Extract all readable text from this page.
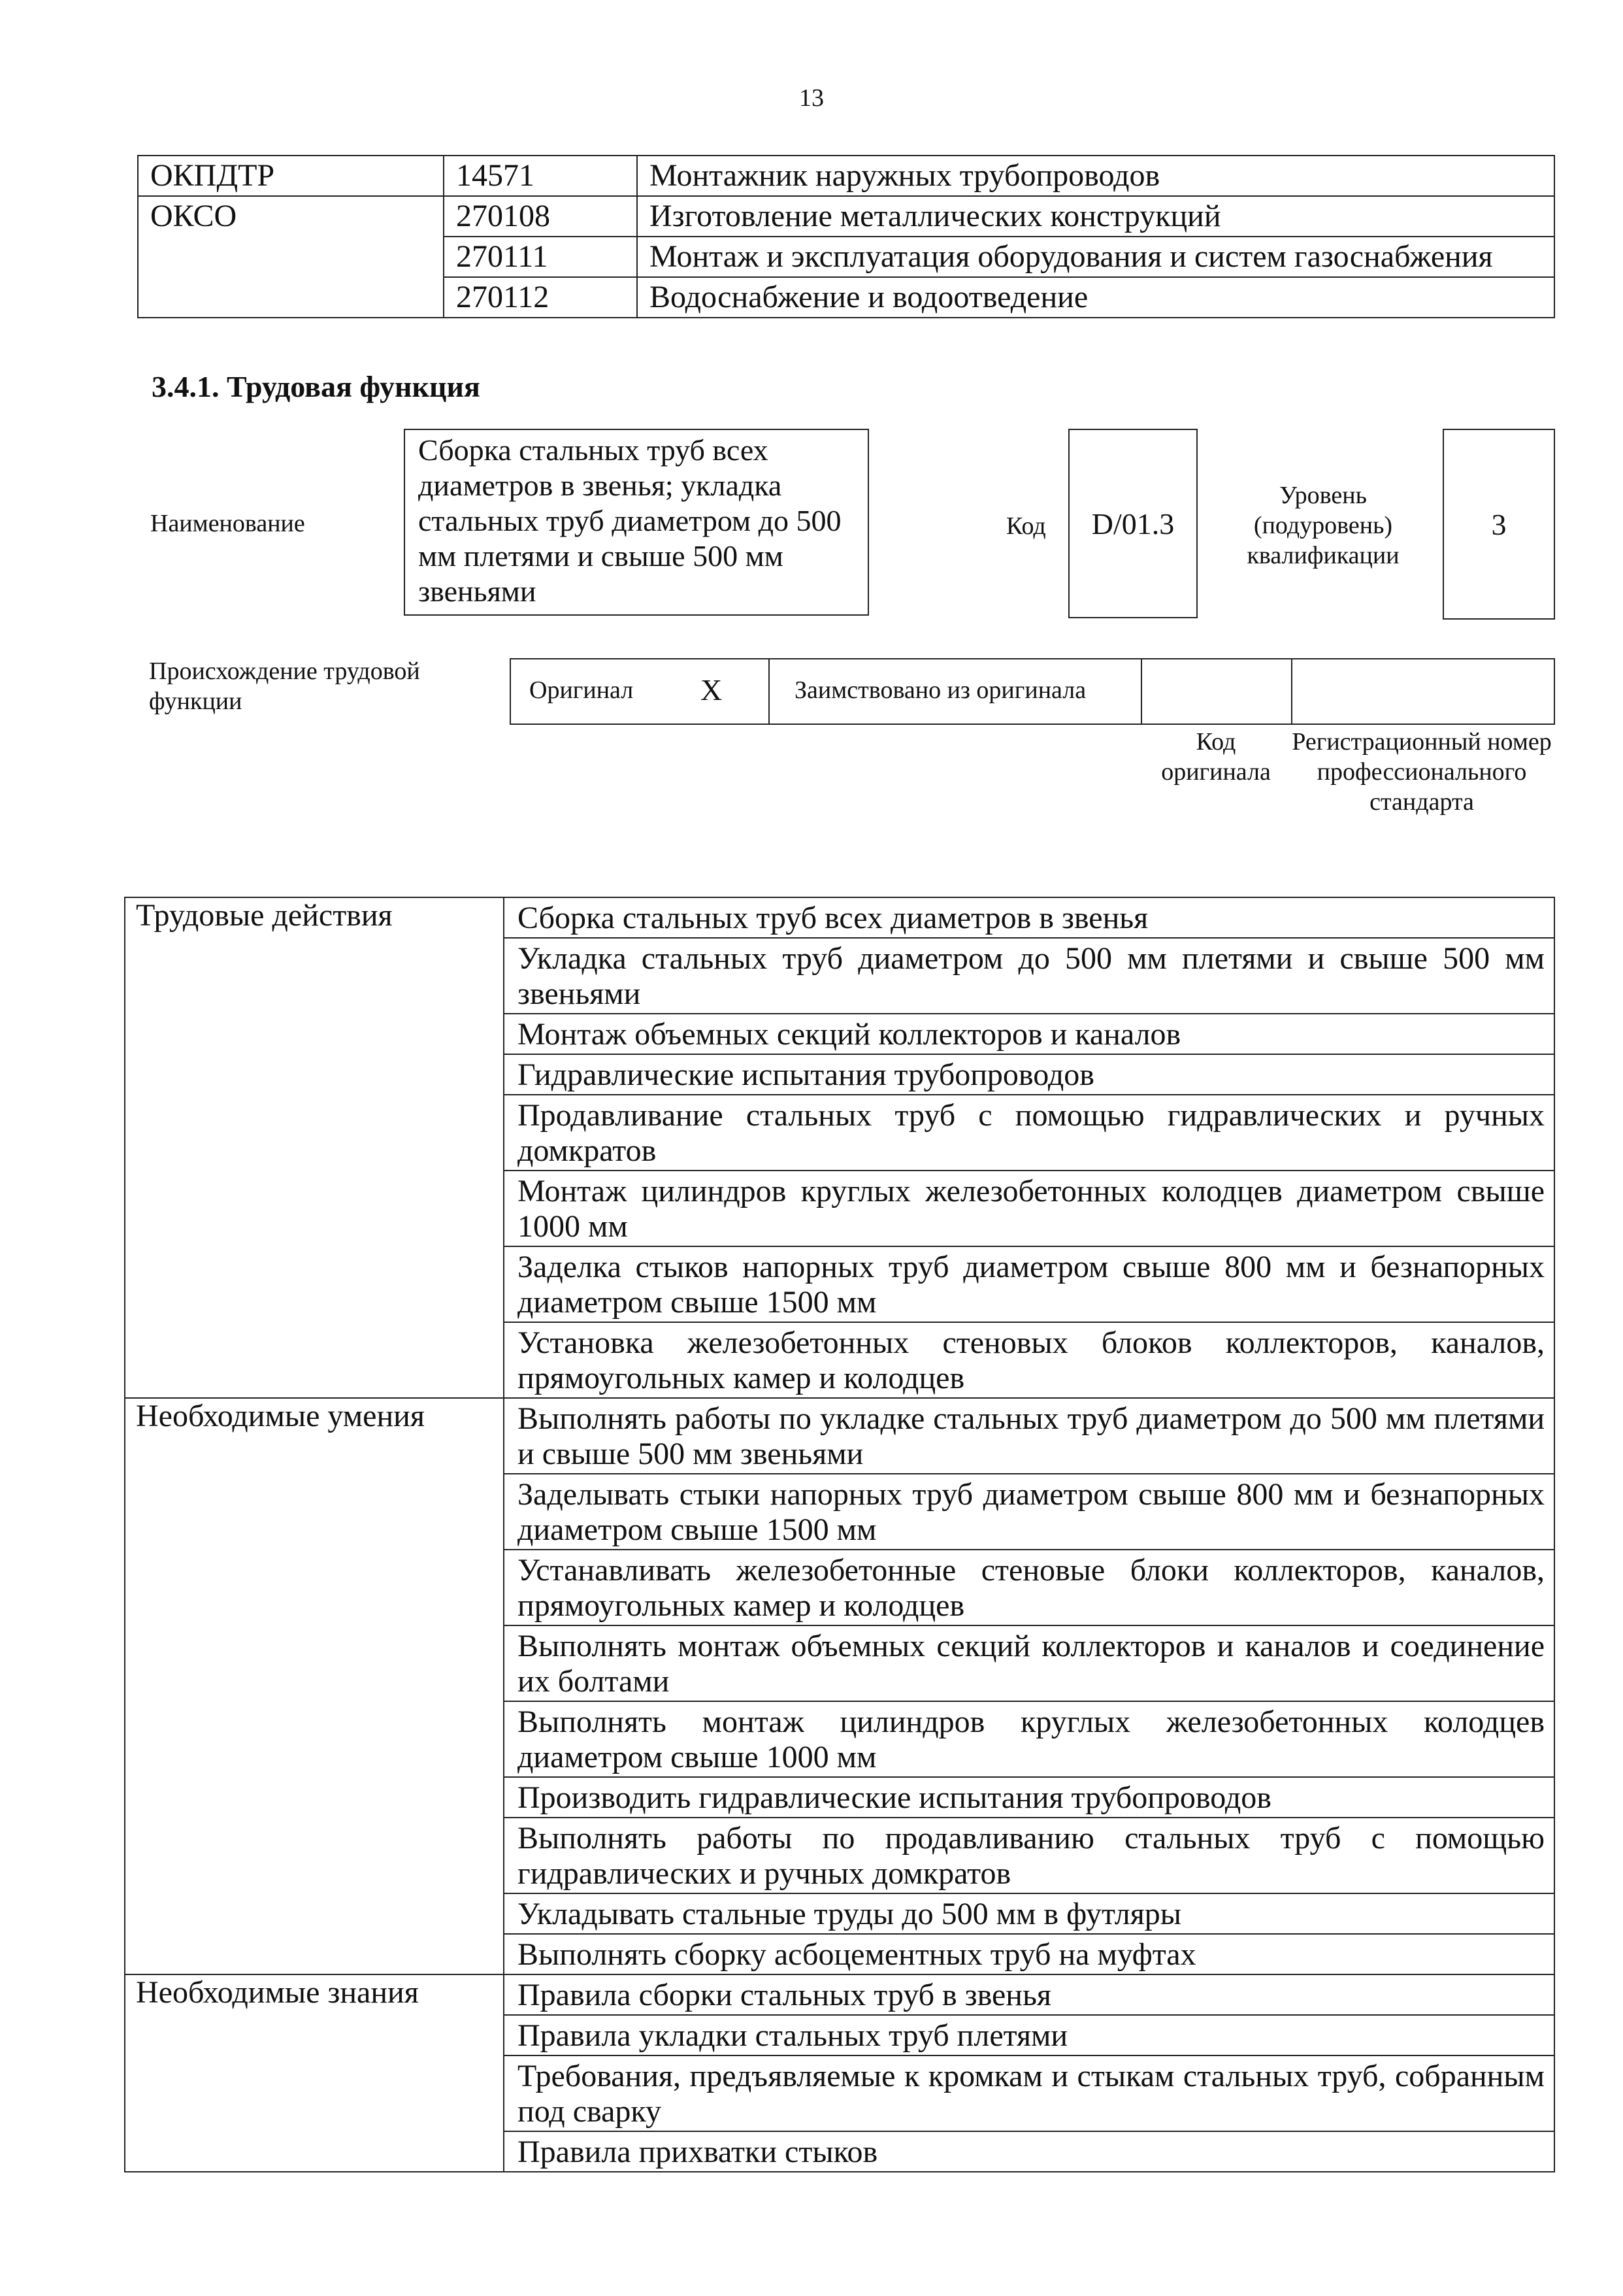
13
ОКПДТР	14571	Монтажник наружных трубопроводов
ОКСО	270108	Изготовление металлических конструкций
	270111	Монтаж и эксплуатация оборудования и систем газоснабжения
	270112	Водоснабжение и водоотведение
3.4.1. Трудовая функция
Наименование
Сборка стальных труб всех диаметров в звенья; укладка стальных труб диаметром до 500 мм плетями и свыше 500 мм звеньями
Код	D/01.3
Уровень (подуровень) квалификации
3
Происхождение трудовой функции	Оригинал X	Заимствовано из оригинала
Код оригинала
Регистрационный номер профессионального стандарта
Трудовые действия	Сборка стальных труб всех диаметров в звенья
	Укладка стальных труб диаметром до 500 мм плетями и свыше 500 мм звеньями
	Монтаж объемных секций коллекторов и каналов
	Гидравлические испытания трубопроводов
	Продавливание стальных труб с помощью гидравлических и ручных домкратов
	Монтаж цилиндров круглых железобетонных колодцев диаметром свыше 1000 мм
	Заделка стыков напорных труб диаметром свыше 800 мм и безнапорных диаметром свыше 1500 мм
	Установка железобетонных стеновых блоков коллекторов, каналов, прямоугольных камер и колодцев
Необходимые умения	Выполнять работы по укладке стальных труб диаметром до 500 мм плетями и свыше 500 мм звеньями
	Заделывать стыки напорных труб диаметром свыше 800 мм и безнапорных диаметром свыше 1500 мм
	Устанавливать железобетонные стеновые блоки коллекторов, каналов, прямоугольных камер и колодцев
	Выполнять монтаж объемных секций коллекторов и каналов и соединение их болтами
	Выполнять монтаж цилиндров круглых железобетонных колодцев диаметром свыше 1000 мм
	Производить гидравлические испытания трубопроводов
	Выполнять работы по продавливанию стальных труб с помощью гидравлических и ручных домкратов
	Укладывать стальные труды до 500 мм в футляры
	Выполнять сборку асбоцементных труб на муфтах
Необходимые знания	Правила сборки стальных труб в звенья
	Правила укладки стальных труб плетями
	Требования, предъявляемые к кромкам и стыкам стальных труб, собранным под сварку
	Правила прихватки стыков
